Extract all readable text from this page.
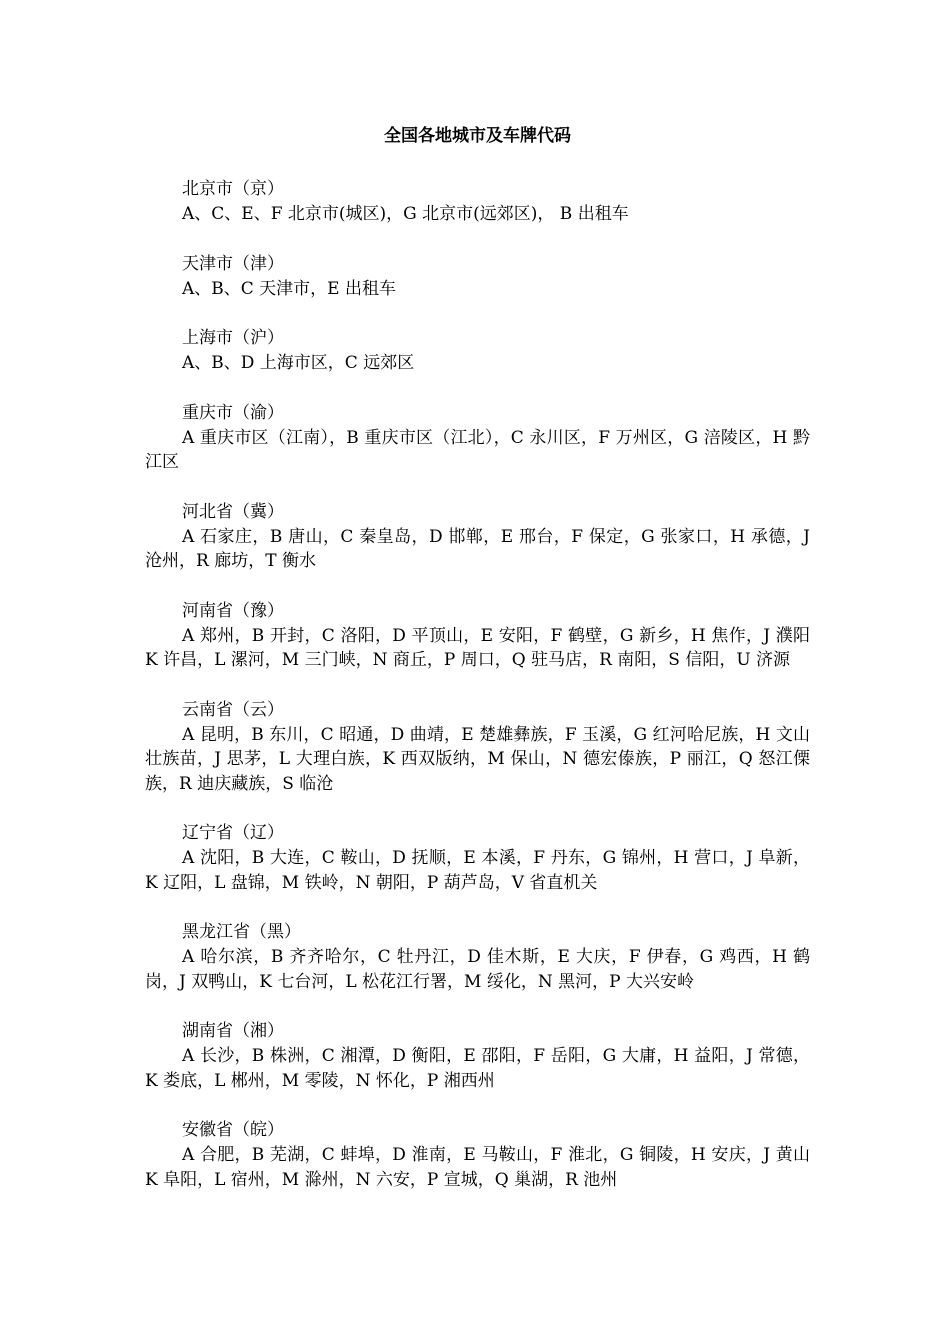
全国各地城市及车牌代码

北京市（京）

A、C、E、F 北京市(城区)，G 北京市(远郊区)， B 出租车

天津市（津）

A、B、C 天津市，E 出租车

上海市（沪）

A、B、D 上海市区，C 远郊区

重庆市（渝）

A 重庆市区（江南），B 重庆市区（江北），C 永川区，F 万州区，G 涪陵区，H 黔江区

河北省（冀）

A 石家庄，B 唐山，C 秦皇岛，D 邯郸，E 邢台，F 保定，G 张家口，H 承德，J 沧州，R 廊坊，T 衡水

河南省（豫）

A 郑州，B 开封，C 洛阳，D 平顶山，E 安阳，F 鹤壁，G 新乡，H 焦作，J 濮阳 K 许昌，L 漯河，M 三门峡，N 商丘，P 周口，Q 驻马店，R 南阳，S 信阳，U 济源

云南省（云）

A 昆明，B 东川，C 昭通，D 曲靖，E 楚雄彝族，F 玉溪，G 红河哈尼族，H 文山壮族苗，J 思茅，L 大理白族，K 西双版纳，M 保山，N 德宏傣族，P 丽江，Q 怒江傈族，R 迪庆藏族，S 临沧

辽宁省（辽）

A 沈阳，B 大连，C 鞍山，D 抚顺，E 本溪，F 丹东，G 锦州，H 营口，J 阜新，K 辽阳，L 盘锦，M 铁岭，N 朝阳，P 葫芦岛，V 省直机关

黑龙江省（黑）

A 哈尔滨，B 齐齐哈尔，C 牡丹江，D 佳木斯，E 大庆，F 伊春，G 鸡西，H 鹤岗，J 双鸭山，K 七台河，L 松花江行署，M 绥化，N 黑河，P 大兴安岭

湖南省（湘）

A 长沙，B 株洲，C 湘潭，D 衡阳，E 邵阳，F 岳阳，G 大庸，H 益阳，J 常德，K 娄底，L 郴州，M 零陵，N 怀化，P 湘西州

安徽省（皖）

A 合肥，B 芜湖，C 蚌埠，D 淮南，E 马鞍山，F 淮北，G 铜陵，H 安庆，J 黄山 K 阜阳，L 宿州，M 滁州，N 六安，P 宣城，Q 巢湖，R 池州
